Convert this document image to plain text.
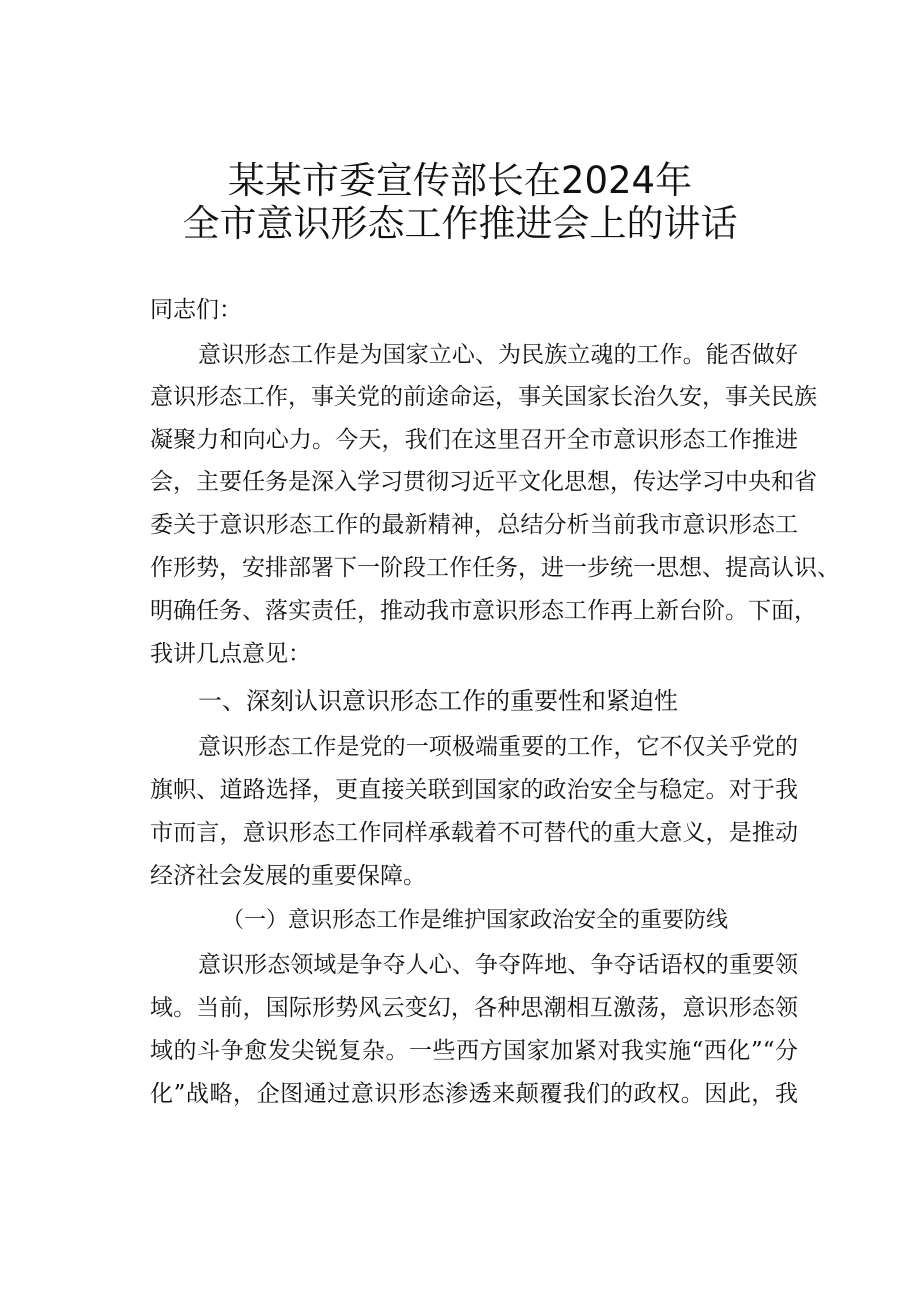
某某市委宣传部长在2024年
全市意识形态工作推进会上的讲话
同志们：
意识形态工作是为国家立心、为民族立魂的工作。能否做好
意识形态工作，事关党的前途命运，事关国家长治久安，事关民族
凝聚力和向心力。今天，我们在这里召开全市意识形态工作推进
会，主要任务是深入学习贯彻习近平文化思想，传达学习中央和省
委关于意识形态工作的最新精神，总结分析当前我市意识形态工
作形势，安排部署下一阶段工作任务，进一步统一思想、提高认识、
明确任务、落实责任，推动我市意识形态工作再上新台阶。下面，
我讲几点意见：
一、深刻认识意识形态工作的重要性和紧迫性
意识形态工作是党的一项极端重要的工作，它不仅关乎党的
旗帜、道路选择，更直接关联到国家的政治安全与稳定。对于我
市而言，意识形态工作同样承载着不可替代的重大意义，是推动
经济社会发展的重要保障。
（一）意识形态工作是维护国家政治安全的重要防线
意识形态领域是争夺人心、争夺阵地、争夺话语权的重要领
域。当前，国际形势风云变幻，各种思潮相互激荡，意识形态领
域的斗争愈发尖锐复杂。一些西方国家加紧对我实施“西化”“分
化”战略，企图通过意识形态渗透来颠覆我们的政权。因此，我
